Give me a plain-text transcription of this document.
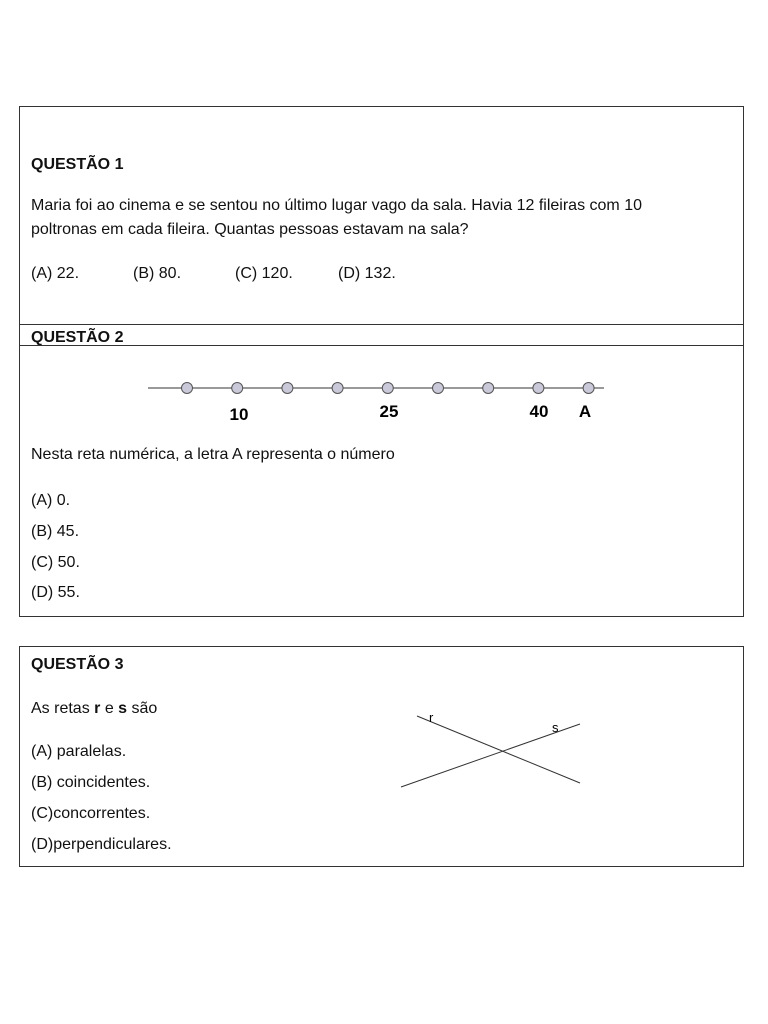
QUESTÃO 1
Maria foi ao cinema e se sentou no último lugar vago da sala. Havia 12 fileiras com 10
poltronas em cada fileira. Quantas pessoas estavam na sala?
(A) 22.	(B) 80.	(C) 120.	(D) 132.
QUESTÃO 2
10	25	40 A
Nesta reta numérica, a letra A representa o número
(A) 0.
(B) 45.
(C) 50.
(D) 55.
QUESTÃO 3
As retas r e s são
(A) paralelas.
(B) coincidentes.
(C)concorrentes.
(D)perpendiculares.
r
s
